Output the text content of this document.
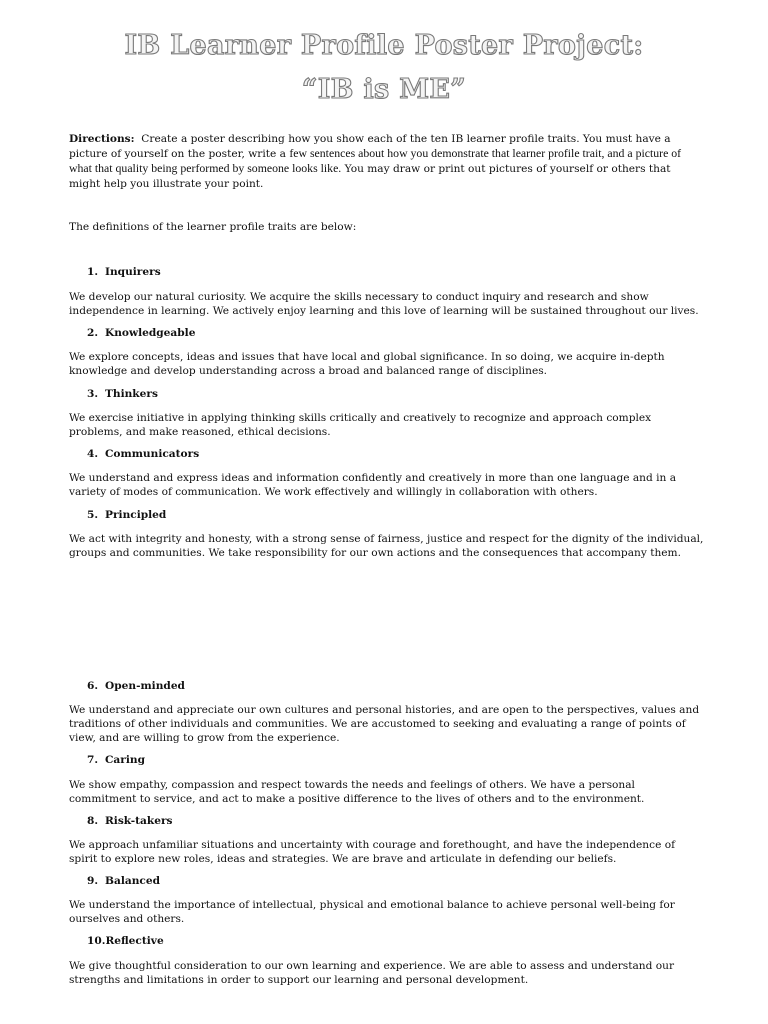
IB Learner Profile Poster Project:
“IB is ME”

Directions: Create a poster describing how you show each of the ten IB learner profile traits. You must have a picture of yourself on the poster, write a few sentences about how you demonstrate that learner profile trait, and a picture of what that quality being performed by someone looks like. You may draw or print out pictures of yourself or others that might help you illustrate your point.

The definitions of the learner profile traits are below:

1. Inquirers

We develop our natural curiosity. We acquire the skills necessary to conduct inquiry and research and show independence in learning. We actively enjoy learning and this love of learning will be sustained throughout our lives.

2. Knowledgeable

We explore concepts, ideas and issues that have local and global significance. In so doing, we acquire in-depth knowledge and develop understanding across a broad and balanced range of disciplines.

3. Thinkers

We exercise initiative in applying thinking skills critically and creatively to recognize and approach complex problems, and make reasoned, ethical decisions.

4. Communicators

We understand and express ideas and information confidently and creatively in more than one language and in a variety of modes of communication. We work effectively and willingly in collaboration with others.

5. Principled

We act with integrity and honesty, with a strong sense of fairness, justice and respect for the dignity of the individual, groups and communities. We take responsibility for our own actions and the consequences that accompany them.

6. Open-minded

We understand and appreciate our own cultures and personal histories, and are open to the perspectives, values and traditions of other individuals and communities. We are accustomed to seeking and evaluating a range of points of view, and are willing to grow from the experience.

7. Caring

We show empathy, compassion and respect towards the needs and feelings of others. We have a personal commitment to service, and act to make a positive difference to the lives of others and to the environment.

8. Risk-takers

We approach unfamiliar situations and uncertainty with courage and forethought, and have the independence of spirit to explore new roles, ideas and strategies. We are brave and articulate in defending our beliefs.

9. Balanced

We understand the importance of intellectual, physical and emotional balance to achieve personal well-being for ourselves and others.

10.Reflective

We give thoughtful consideration to our own learning and experience. We are able to assess and understand our strengths and limitations in order to support our learning and personal development.
